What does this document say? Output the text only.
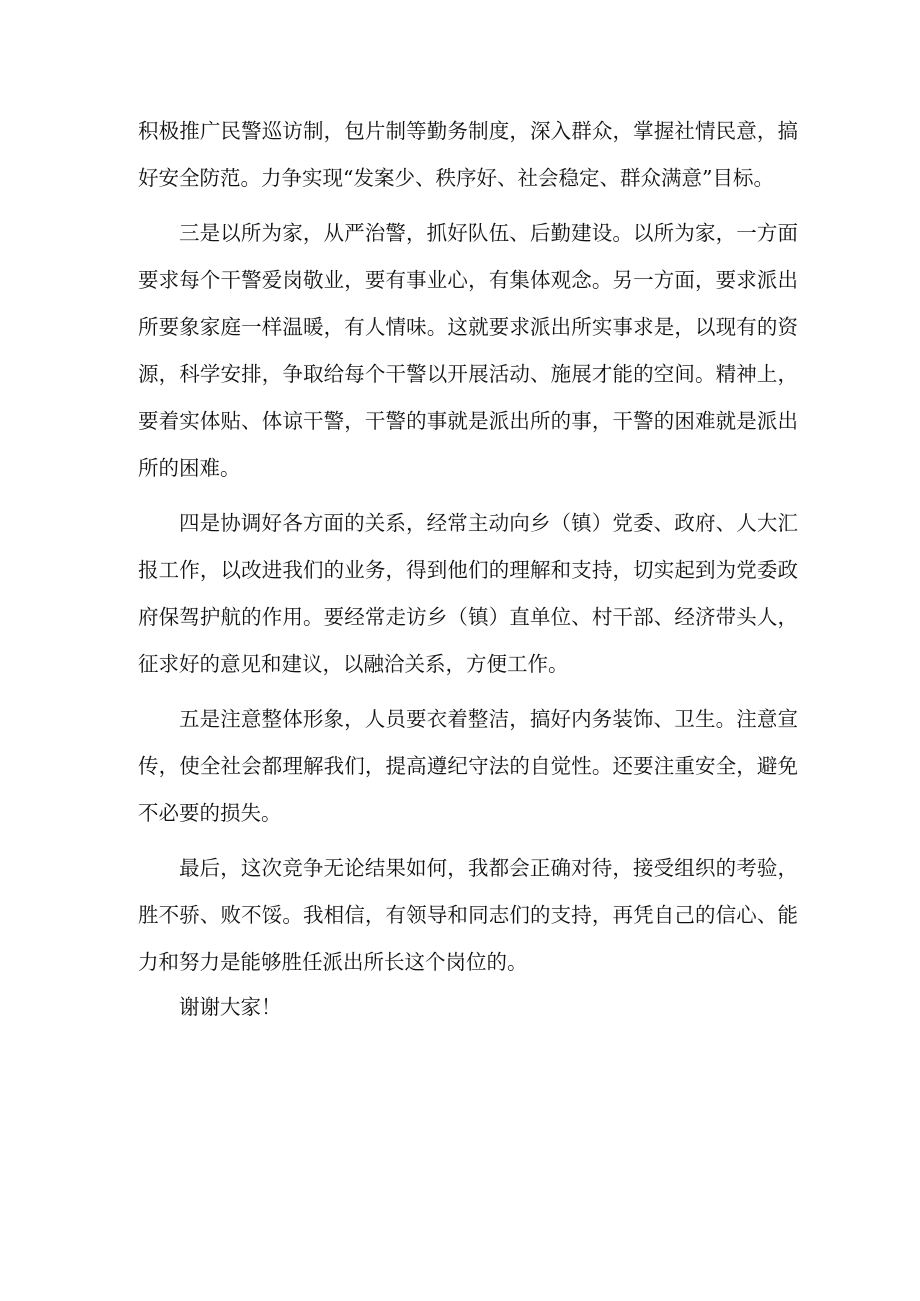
积极推广民警巡访制，包片制等勤务制度，深入群众，掌握社情民意，搞好安全防范。力争实现“发案少、秩序好、社会稳定、群众满意”目标。

三是以所为家，从严治警，抓好队伍、后勤建设。以所为家，一方面要求每个干警爱岗敬业，要有事业心，有集体观念。另一方面，要求派出所要象家庭一样温暖，有人情味。这就要求派出所实事求是，以现有的资源，科学安排，争取给每个干警以开展活动、施展才能的空间。精神上，要着实体贴、体谅干警，干警的事就是派出所的事，干警的困难就是派出所的困难。

四是协调好各方面的关系，经常主动向乡（镇）党委、政府、人大汇报工作，以改进我们的业务，得到他们的理解和支持，切实起到为党委政府保驾护航的作用。要经常走访乡（镇）直单位、村干部、经济带头人，征求好的意见和建议，以融洽关系，方便工作。

五是注意整体形象，人员要衣着整洁，搞好内务装饰、卫生。注意宣传，使全社会都理解我们，提高遵纪守法的自觉性。还要注重安全，避免不必要的损失。

最后，这次竞争无论结果如何，我都会正确对待，接受组织的考验，胜不骄、败不馁。我相信，有领导和同志们的支持，再凭自己的信心、能力和努力是能够胜任派出所长这个岗位的。

谢谢大家！
